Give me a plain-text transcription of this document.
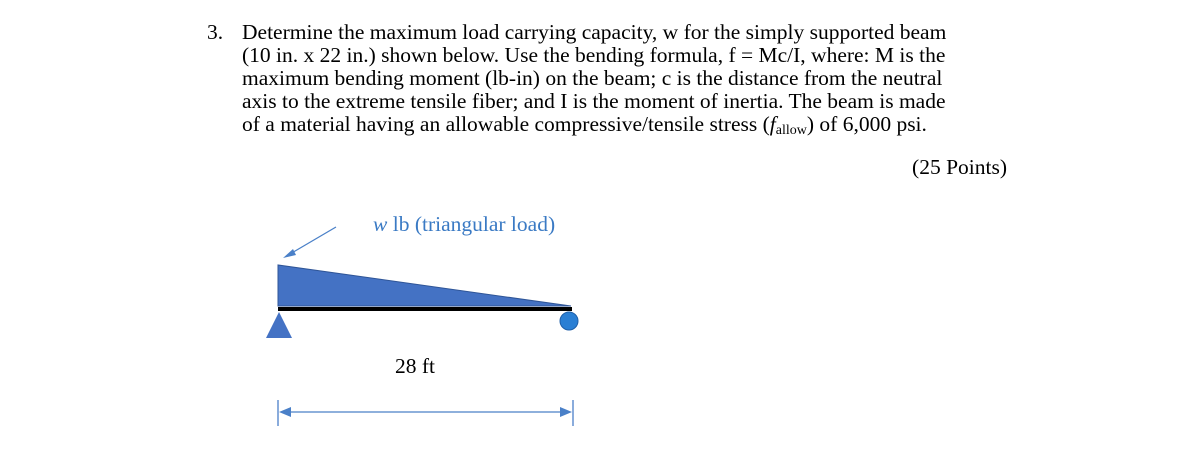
3. Determine the maximum load carrying capacity, w for the simply supported beam
(10 in. x 22 in.) shown below. Use the bending formula, f = Mc/I, where: M is the
maximum bending moment (lb-in) on the beam; c is the distance from the neutral
axis to the extreme tensile fiber; and I is the moment of inertia. The beam is made
of a material having an allowable compressive/tensile stress $(f_{allow})$ of 6,000 psi.
(25 Points)
w lb (triangular load)
28 ft
